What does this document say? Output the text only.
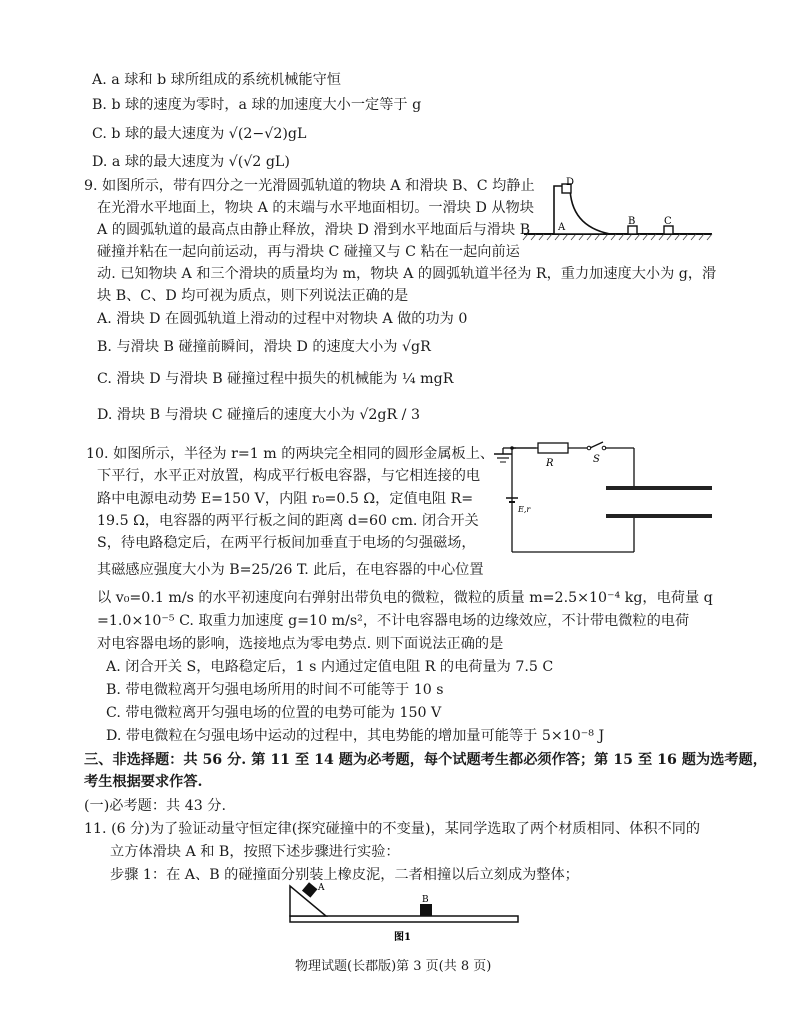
A. a 球和 b 球所组成的系统机械能守恒
B. b 球的速度为零时，a 球的加速度大小一定等于 g
C. b 球的最大速度为 √(2−√2)gL
D. a 球的最大速度为 √(√2 gL)
9. 如图所示，带有四分之一光滑圆弧轨道的物块 A 和滑块 B、C 均静止
在光滑水平地面上，物块 A 的末端与水平地面相切。一滑块 D 从物块
A 的圆弧轨道的最高点由静止释放，滑块 D 滑到水平地面后与滑块 B
碰撞并粘在一起向前运动，再与滑块 C 碰撞又与 C 粘在一起向前运
动. 已知物块 A 和三个滑块的质量均为 m，物块 A 的圆弧轨道半径为 R，重力加速度大小为 g，滑
块 B、C、D 均可视为质点，则下列说法正确的是
A. 滑块 D 在圆弧轨道上滑动的过程中对物块 A 做的功为 0
B. 与滑块 B 碰撞前瞬间，滑块 D 的速度大小为 √gR
C. 滑块 D 与滑块 B 碰撞过程中损失的机械能为 ¼ mgR
D. 滑块 B 与滑块 C 碰撞后的速度大小为 √2gR / 3
10. 如图所示，半径为 r=1 m 的两块完全相同的圆形金属板上、
下平行，水平正对放置，构成平行板电容器，与它相连接的电
路中电源电动势 E=150 V，内阻 r₀=0.5 Ω，定值电阻 R=
19.5 Ω，电容器的两平行板之间的距离 d=60 cm. 闭合开关
S，待电路稳定后，在两平行板间加垂直于电场的匀强磁场，
其磁感应强度大小为 B=25/26 T. 此后，在电容器的中心位置
以 v₀=0.1 m/s 的水平初速度向右弹射出带负电的微粒，微粒的质量 m=2.5×10⁻⁴ kg，电荷量 q
=1.0×10⁻⁵ C. 取重力加速度 g=10 m/s²，不计电容器电场的边缘效应，不计带电微粒的电荷
对电容器电场的影响，选接地点为零电势点. 则下面说法正确的是
A. 闭合开关 S，电路稳定后，1 s 内通过定值电阻 R 的电荷量为 7.5 C
B. 带电微粒离开匀强电场所用的时间不可能等于 10 s
C. 带电微粒离开匀强电场的位置的电势可能为 150 V
D. 带电微粒在匀强电场中运动的过程中，其电势能的增加量可能等于 5×10⁻⁸ J
三、非选择题：共 56 分. 第 11 至 14 题为必考题，每个试题考生都必须作答；第 15 至 16 题为选考题，
考生根据要求作答.
(一)必考题：共 43 分.
11. (6 分)为了验证动量守恒定律(探究碰撞中的不变量)，某同学选取了两个材质相同、体积不同的
立方体滑块 A 和 B，按照下述步骤进行实验：
步骤 1：在 A、B 的碰撞面分别装上橡皮泥，二者相撞以后立刻成为整体；
D
A
B	C
R	S
E,r
A
B
图1
物理试题(长郡版)第 3 页(共 8 页)
